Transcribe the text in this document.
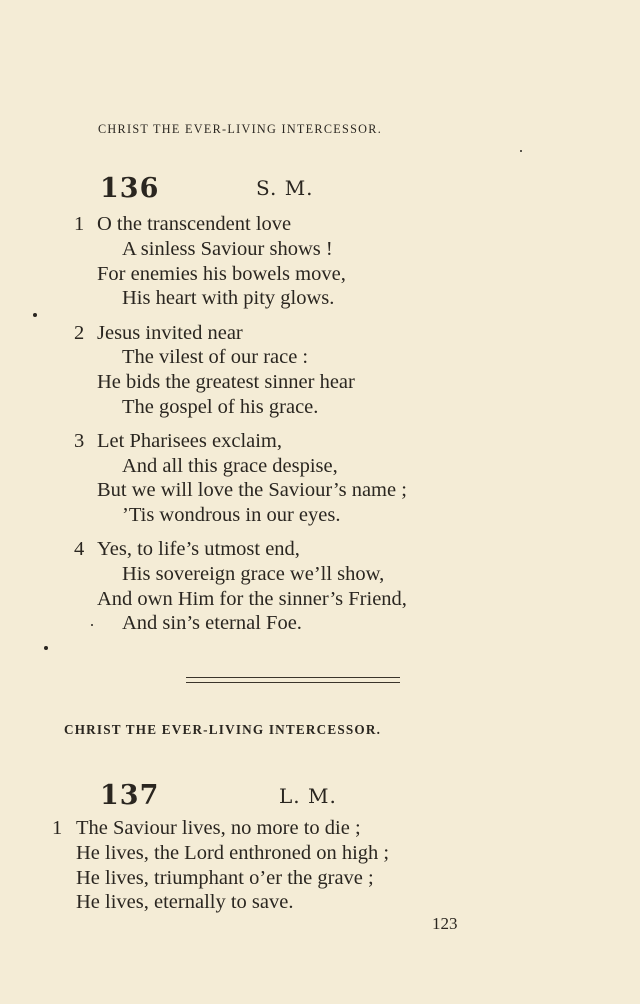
CHRIST THE EVER-LIVING INTERCESSOR.
136	S. M.
1 O the transcendent love
A sinless Saviour shows !
For enemies his bowels move,
His heart with pity glows.
2 Jesus invited near
The vilest of our race :
He bids the greatest sinner hear
The gospel of his grace.
3 Let Pharisees exclaim,
And all this grace despise,
But we will love the Saviour’s name ;
’Tis wondrous in our eyes.
4 Yes, to life’s utmost end,
His sovereign grace we’ll show,
And own Him for the sinner’s Friend,
And sin’s eternal Foe.
CHRIST THE EVER-LIVING INTERCESSOR.
137	L. M.
1 The Saviour lives, no more to die ;
He lives, the Lord enthroned on high ;
He lives, triumphant o’er the grave ;
He lives, eternally to save.
123
